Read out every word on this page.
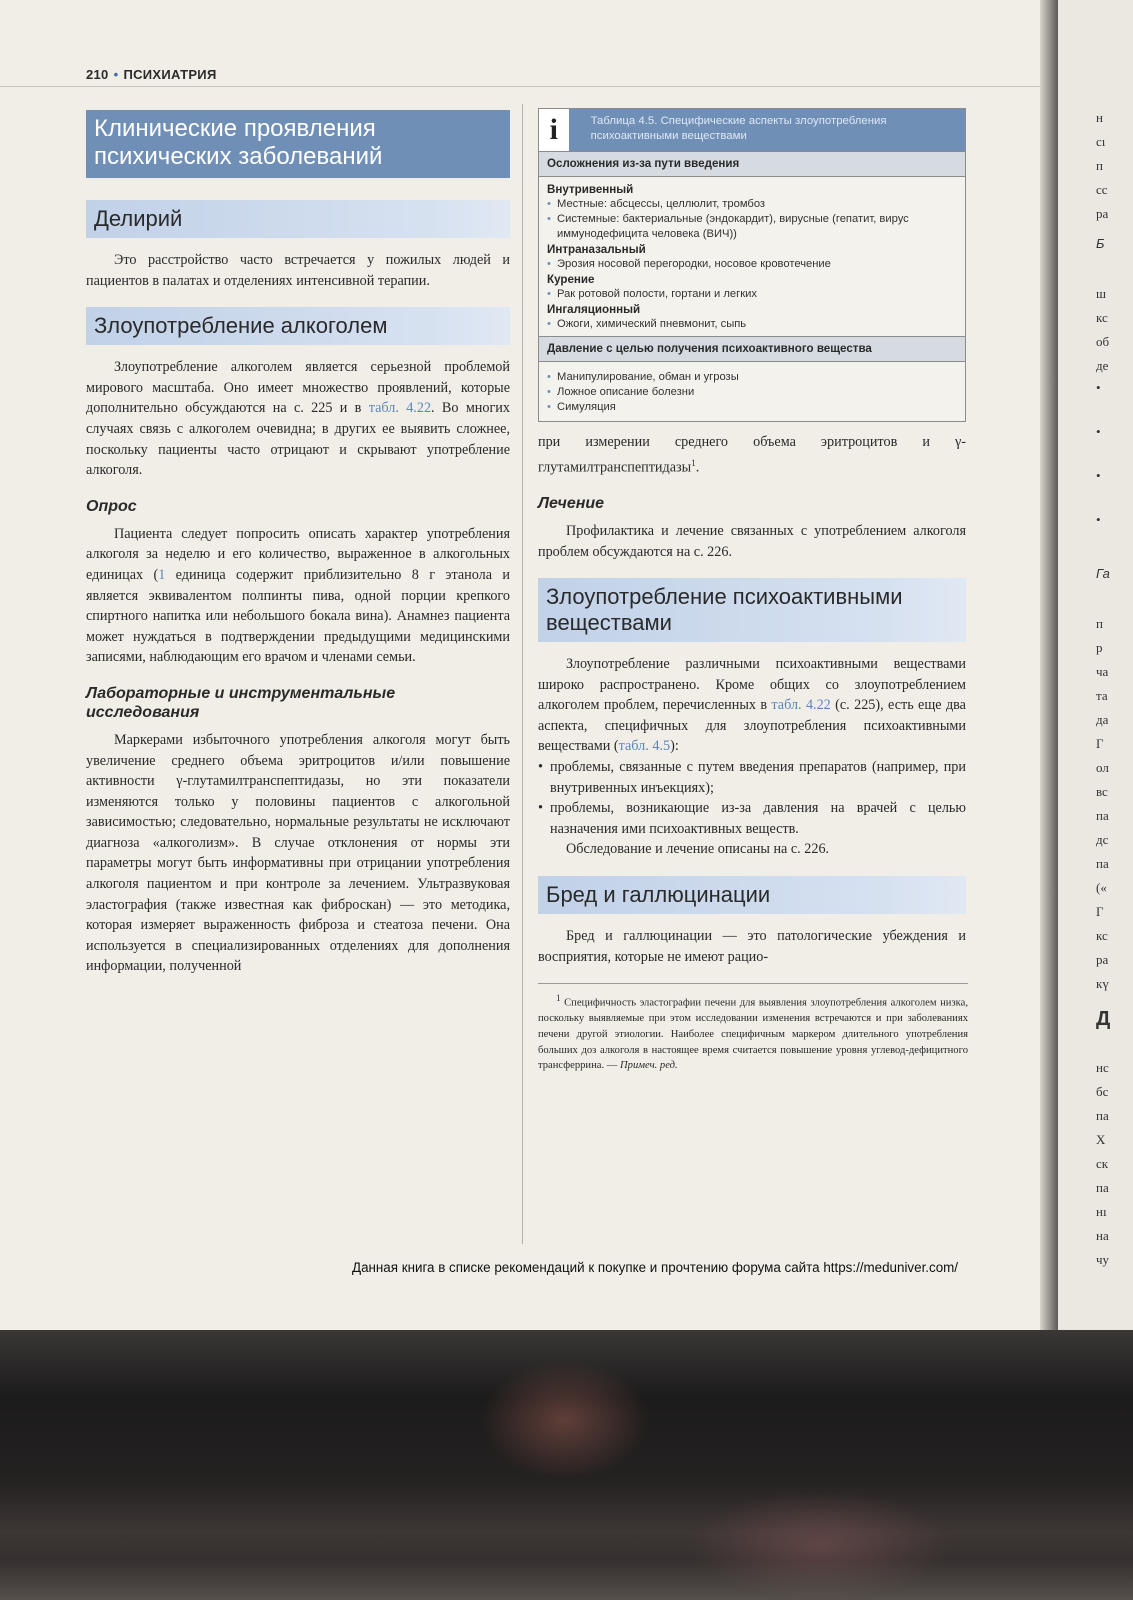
210 • ПСИХИАТРИЯ
Клинические проявления психических заболеваний
Делирий

Это расстройство часто встречается у пожилых людей и пациентов в палатах и отделениях интенсивной терапии.

Злоупотребление алкоголем

Злоупотребление алкоголем является серьезной проблемой мирового масштаба. Оно имеет множество проявлений, которые дополнительно обсуждаются на с. 225 и в табл. 4.22. Во многих случаях связь с алкоголем очевидна; в других ее выявить сложнее, поскольку пациенты часто отрицают и скрывают употребление алкоголя.

Опрос

Пациента следует попросить описать характер употребления алкоголя за неделю и его количество, выраженное в алкогольных единицах (1 единица содержит приблизительно 8 г этанола и является эквивалентом полпинты пива, одной порции крепкого спиртного напитка или небольшого бокала вина). Анамнез пациента может нуждаться в подтверждении предыдущими медицинскими записями, наблюдающим его врачом и членами семьи.

Лабораторные и инструментальные исследования

Маркерами избыточного употребления алкоголя могут быть увеличение среднего объема эритроцитов и/или повышение активности γ-глутамилтранспептидазы, но эти показатели изменяются только у половины пациентов с алкогольной зависимостью; следовательно, нормальные результаты не исключают диагноза «алкоголизм». В случае отклонения от нормы эти параметры могут быть информативны при отрицании употребления алкоголя пациентом и при контроле за лечением. Ультразвуковая эластография (также известная как фиброскан) — это методика, которая измеряет выраженность фиброза и стеатоза печени. Она используется в специализированных отделениях для дополнения информации, полученной

i	Таблица 4.5. Специфические аспекты злоупотребления психоактивными веществами
Осложнения из-за пути введения
Внутривенный
• Местные: абсцессы, целлюлит, тромбоз
• Системные: бактериальные (эндокардит), вирусные (гепатит, вирус иммунодефицита человека (ВИЧ))
Интраназальный
• Эрозия носовой перегородки, носовое кровотечение
Курение
• Рак ротовой полости, гортани и легких
Ингаляционный
• Ожоги, химический пневмонит, сыпь
Давление с целью получения психоактивного вещества
• Манипулирование, обман и угрозы
• Ложное описание болезни
• Симуляция

при измерении среднего объема эритроцитов и γ-глутамилтранспептидазы$^1$.

Лечение

Профилактика и лечение связанных с употреблением алкоголя проблем обсуждаются на с. 226.

Злоупотребление психоактивными веществами

Злоупотребление различными психоактивными веществами широко распространено. Кроме общих со злоупотреблением алкоголем проблем, перечисленных в табл. 4.22 (с. 225), есть еще два аспекта, специфичных для злоупотребления психоактивными веществами (табл. 4.5):

• проблемы, связанные с путем введения препаратов (например, при внутривенных инъекциях);
• проблемы, возникающие из-за давления на врачей с целью назначения ими психоактивных веществ.

Обследование и лечение описаны на с. 226.

Бред и галлюцинации

Бред и галлюцинации — это патологические убеждения и восприятия, которые не имеют рацио-

$^1$ Специфичность эластографии печени для выявления злоупотребления алкоголем низка, поскольку выявляемые при этом исследовании изменения встречаются и при заболеваниях печени другой этиологии. Наиболее специфичным маркером длительного употребления больших доз алкоголя в настоящее время считается повышение уровня углевод-дефицитного трансферрина. — Примеч. ред.

Данная книга в списке рекомендаций к покупке и прочтению форума сайта https://meduniver.com/
н
сı
п
сс
ра
Б
ш
кс
об
де
•
•
•
•
Га
п
р
ча
та
да
Г
ол
вс
па
дс
па
(«
Г
кс
ра
кү
Д
нс
бс
па
Х
ск
па
нı
на
чу
